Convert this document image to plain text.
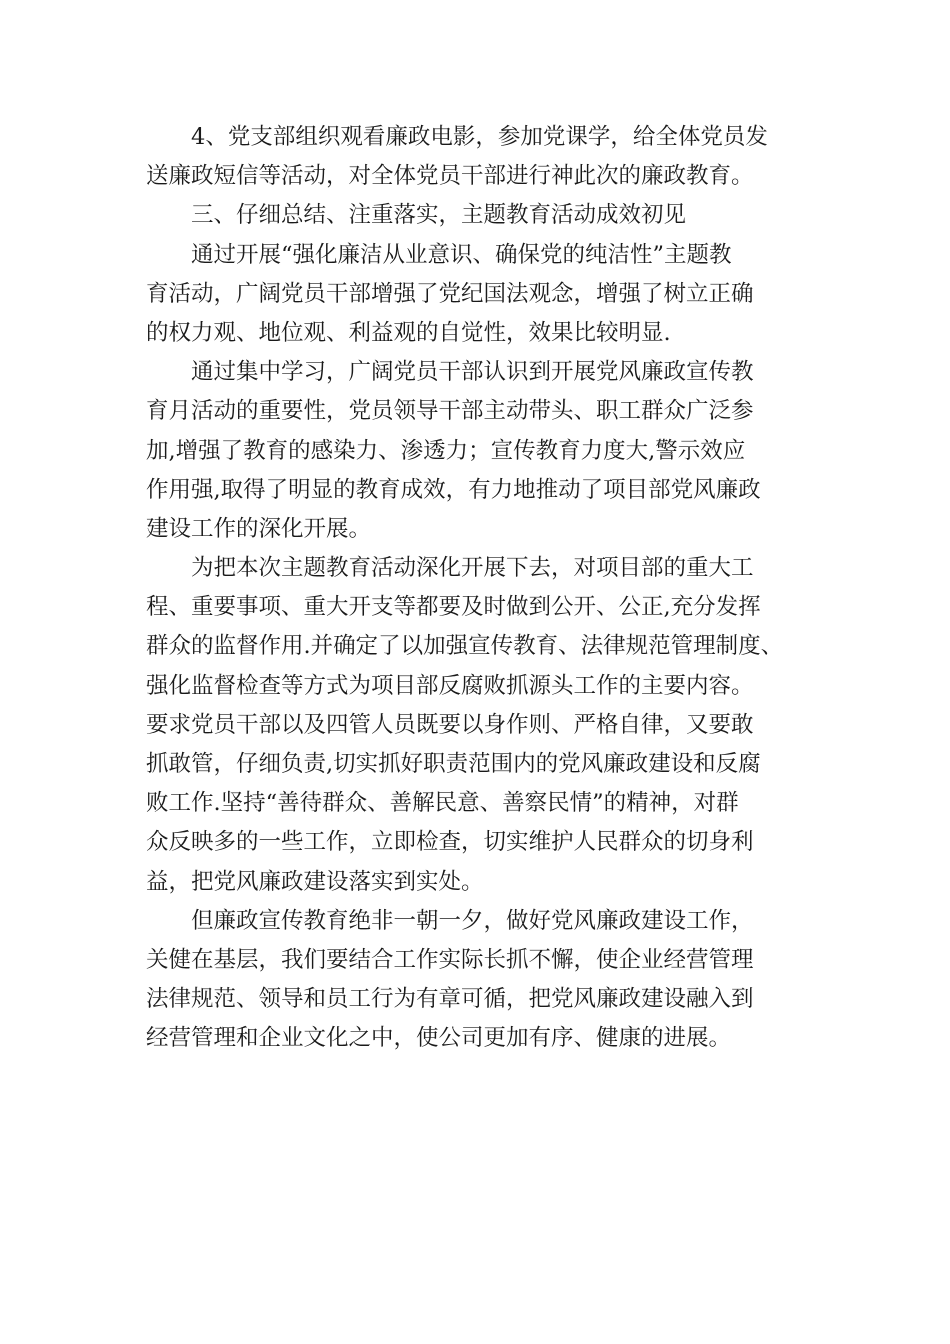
4、党支部组织观看廉政电影，参加党课学，给全体党员发
送廉政短信等活动，对全体党员干部进行神此次的廉政教育。
三、仔细总结、注重落实，主题教育活动成效初见
通过开展“强化廉洁从业意识、确保党的纯洁性”主题教
育活动，广阔党员干部增强了党纪国法观念，增强了树立正确
的权力观、地位观、利益观的自觉性，效果比较明显.
通过集中学习，广阔党员干部认识到开展党风廉政宣传教
育月活动的重要性，党员领导干部主动带头、职工群众广泛参
加,增强了教育的感染力、渗透力；宣传教育力度大,警示效应
作用强,取得了明显的教育成效，有力地推动了项目部党风廉政
建设工作的深化开展。
为把本次主题教育活动深化开展下去，对项目部的重大工
程、重要事项、重大开支等都要及时做到公开、公正,充分发挥
群众的监督作用.并确定了以加强宣传教育、法律规范管理制度、
强化监督检查等方式为项目部反腐败抓源头工作的主要内容。
要求党员干部以及四管人员既要以身作则、严格自律，又要敢
抓敢管，仔细负责,切实抓好职责范围内的党风廉政建设和反腐
败工作.坚持“善待群众、善解民意、善察民情”的精神，对群
众反映多的一些工作，立即检查，切实维护人民群众的切身利
益，把党风廉政建设落实到实处。
但廉政宣传教育绝非一朝一夕，做好党风廉政建设工作，
关健在基层，我们要结合工作实际长抓不懈，使企业经营管理
法律规范、领导和员工行为有章可循，把党风廉政建设融入到
经营管理和企业文化之中，使公司更加有序、健康的进展。
